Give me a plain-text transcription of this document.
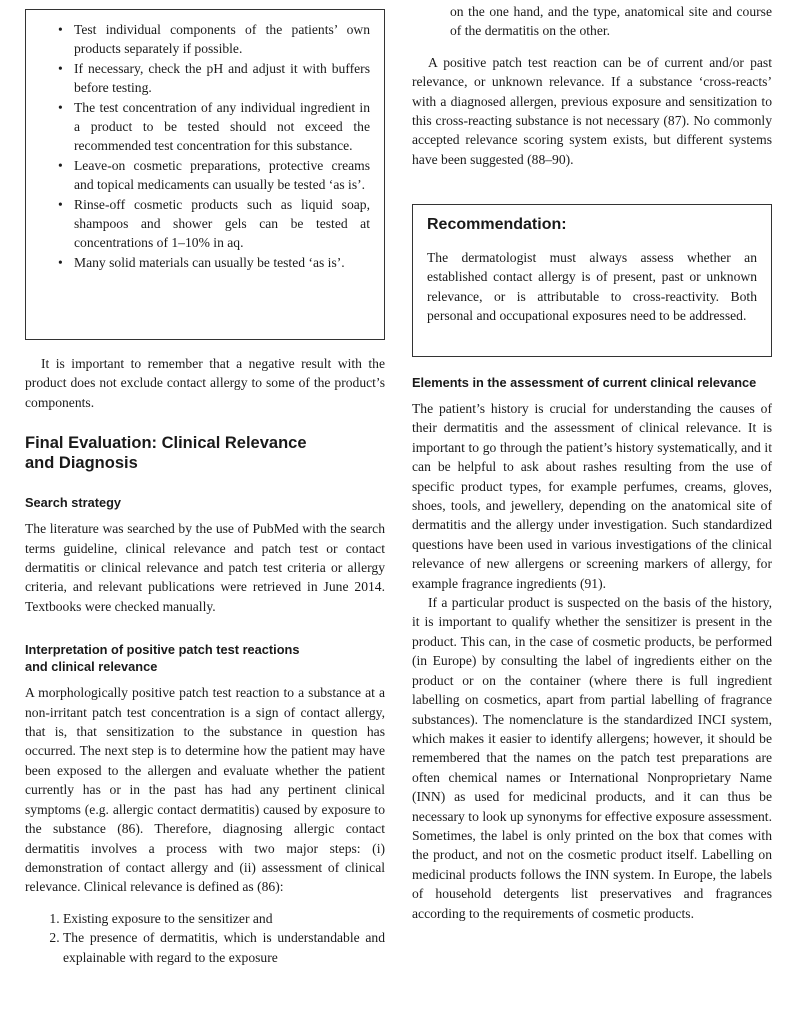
• Test individual components of the patients’ own products separately if possible.
• If necessary, check the pH and adjust it with buffers before testing.
• The test concentration of any individual ingredient in a product to be tested should not exceed the recommended test concentration for this substance.
• Leave-on cosmetic preparations, protective creams and topical medicaments can usually be tested ‘as is’.
• Rinse-off cosmetic products such as liquid soap, shampoos and shower gels can be tested at concentrations of 1–10% in aq.
• Many solid materials can usually be tested ‘as is’.

It is important to remember that a negative result with the product does not exclude contact allergy to some of the product’s components.

Final Evaluation: Clinical Relevance
and Diagnosis
Search strategy

The literature was searched by the use of PubMed with the search terms guideline, clinical relevance and patch test or contact dermatitis or clinical relevance and patch test criteria or allergy criteria, and relevant publications were retrieved in June 2014. Textbooks were checked manually.

Interpretation of positive patch test reactions
and clinical relevance

A morphologically positive patch test reaction to a substance at a non-irritant patch test concentration is a sign of contact allergy, that is, that sensitization to the substance in question has occurred. The next step is to determine how the patient may have been exposed to the allergen and evaluate whether the patient currently has or in the past has had any pertinent clinical symptoms (e.g. allergic contact dermatitis) caused by exposure to the substance (86). Therefore, diagnosing allergic contact dermatitis involves a process with two major steps: (i) demonstration of contact allergy and (ii) assessment of clinical relevance. Clinical relevance is defined as (86):

1. Existing exposure to the sensitizer and
2. The presence of dermatitis, which is understandable and explainable with regard to the exposure

on the one hand, and the type, anatomical site and course of the dermatitis on the other.

A positive patch test reaction can be of current and/or past relevance, or unknown relevance. If a substance ‘cross-reacts’ with a diagnosed allergen, previous exposure and sensitization to this cross-reacting substance is not necessary (87). No commonly accepted relevance scoring system exists, but different systems have been suggested (88–90).

Recommendation:

The dermatologist must always assess whether an established contact allergy is of present, past or unknown relevance, or is attributable to cross-reactivity. Both personal and occupational exposures need to be addressed.

Elements in the assessment of current clinical relevance

The patient’s history is crucial for understanding the causes of their dermatitis and the assessment of clinical relevance. It is important to go through the patient’s history systematically, and it can be helpful to ask about rashes resulting from the use of specific product types, for example perfumes, creams, gloves, shoes, tools, and jewellery, depending on the anatomical site of dermatitis and the allergy under investigation. Such standardized questions have been used in various investigations of the clinical relevance of new allergens or screening markers of allergy, for example fragrance ingredients (91).

If a particular product is suspected on the basis of the history, it is important to qualify whether the sensitizer is present in the product. This can, in the case of cosmetic products, be performed (in Europe) by consulting the label of ingredients either on the product or on the container (where there is full ingredient labelling on cosmetics, apart from partial labelling of fragrance substances). The nomenclature is the standardized INCI system, which makes it easier to identify allergens; however, it should be remembered that the names on the patch test preparations are often chemical names or International Nonproprietary Name (INN) as used for medicinal products, and it can thus be necessary to look up synonyms for effective exposure assessment. Sometimes, the label is only printed on the box that comes with the product, and not on the cosmetic product itself. Labelling on medicinal products follows the INN system. In Europe, the labels of household detergents list preservatives and fragrances according to the requirements of cosmetic products.
